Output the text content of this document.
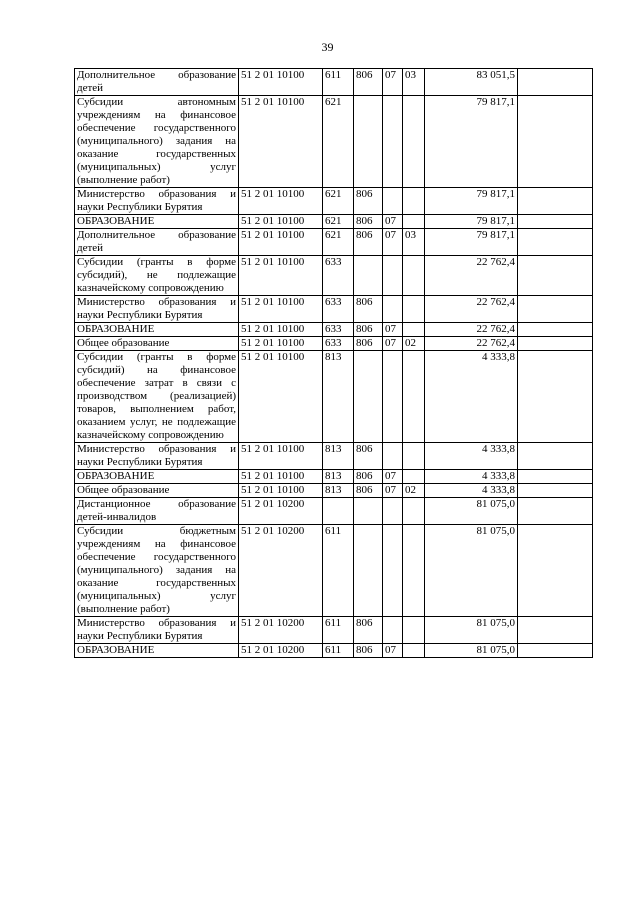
39
Дополнительное образование детей	51 2 01 10100	611	806	07	03	83 051,5	
Субсидии автономным учреждениям на финансовое обеспечение государственного (муниципального) задания на оказание государственных (муниципальных) услуг (выполнение работ)	51 2 01 10100	621				79 817,1	
Министерство образования и науки Республики Бурятия	51 2 01 10100	621	806			79 817,1	
ОБРАЗОВАНИЕ	51 2 01 10100	621	806	07		79 817,1	
Дополнительное образование детей	51 2 01 10100	621	806	07	03	79 817,1	
Субсидии (гранты в форме субсидий), не подлежащие казначейскому сопровождению	51 2 01 10100	633				22 762,4	
Министерство образования и науки Республики Бурятия	51 2 01 10100	633	806			22 762,4	
ОБРАЗОВАНИЕ	51 2 01 10100	633	806	07		22 762,4	
Общее образование	51 2 01 10100	633	806	07	02	22 762,4	
Субсидии (гранты в форме субсидий) на финансовое обеспечение затрат в связи с производством (реализацией) товаров, выполнением работ, оказанием услуг, не подлежащие казначейскому сопровождению	51 2 01 10100	813				4 333,8	
Министерство образования и науки Республики Бурятия	51 2 01 10100	813	806			4 333,8	
ОБРАЗОВАНИЕ	51 2 01 10100	813	806	07		4 333,8	
Общее образование	51 2 01 10100	813	806	07	02	4 333,8	
Дистанционное образование детей-инвалидов	51 2 01 10200					81 075,0	
Субсидии бюджетным учреждениям на финансовое обеспечение государственного (муниципального) задания на оказание государственных (муниципальных) услуг (выполнение работ)	51 2 01 10200	611				81 075,0	
Министерство образования и науки Республики Бурятия	51 2 01 10200	611	806			81 075,0	
ОБРАЗОВАНИЕ	51 2 01 10200	611	806	07		81 075,0	
